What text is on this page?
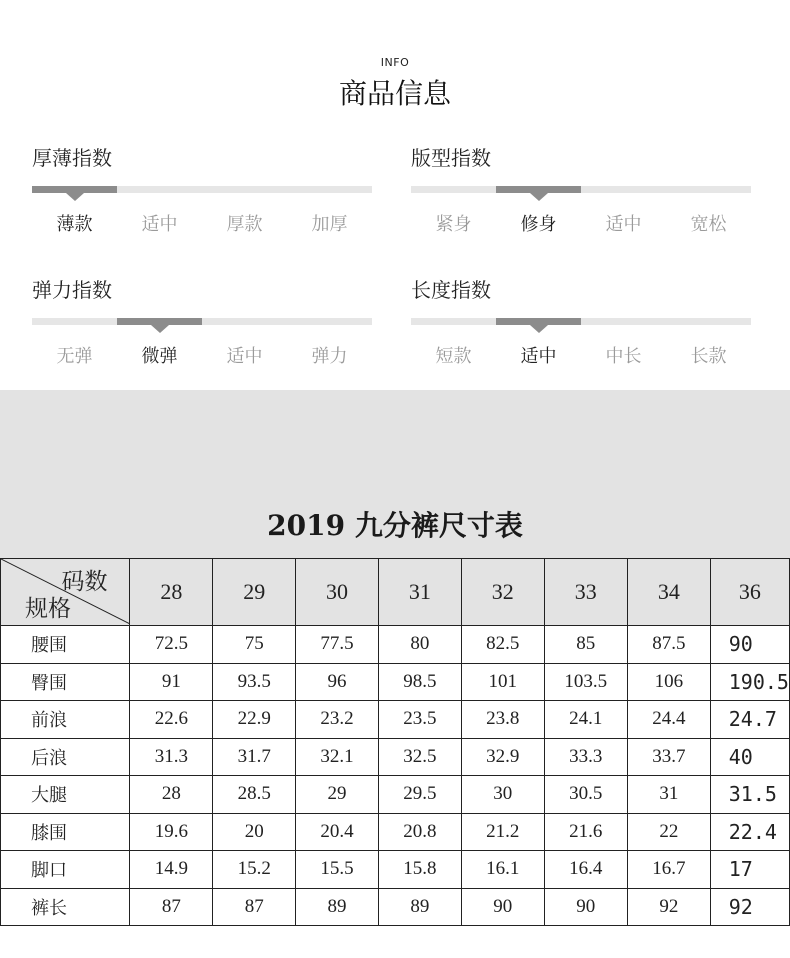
INFO
商品信息
厚薄指数
薄款	适中	厚款	加厚
版型指数
紧身	修身	适中	宽松
弹力指数
无弹	微弹	适中	弹力
长度指数
短款	适中	中长	长款
2019 九分裤尺寸表
码数
规格	28	29	30	31	32	33	34	36
腰围	72.5	75	77.5	80	82.5	85	87.5	90
臀围	91	93.5	96	98.5	101	103.5	106	190.5
前浪	22.6	22.9	23.2	23.5	23.8	24.1	24.4	24.7
后浪	31.3	31.7	32.1	32.5	32.9	33.3	33.7	40
大腿	28	28.5	29	29.5	30	30.5	31	31.5
膝围	19.6	20	20.4	20.8	21.2	21.6	22	22.4
脚口	14.9	15.2	15.5	15.8	16.1	16.4	16.7	17
裤长	87	87	89	89	90	90	92	92
